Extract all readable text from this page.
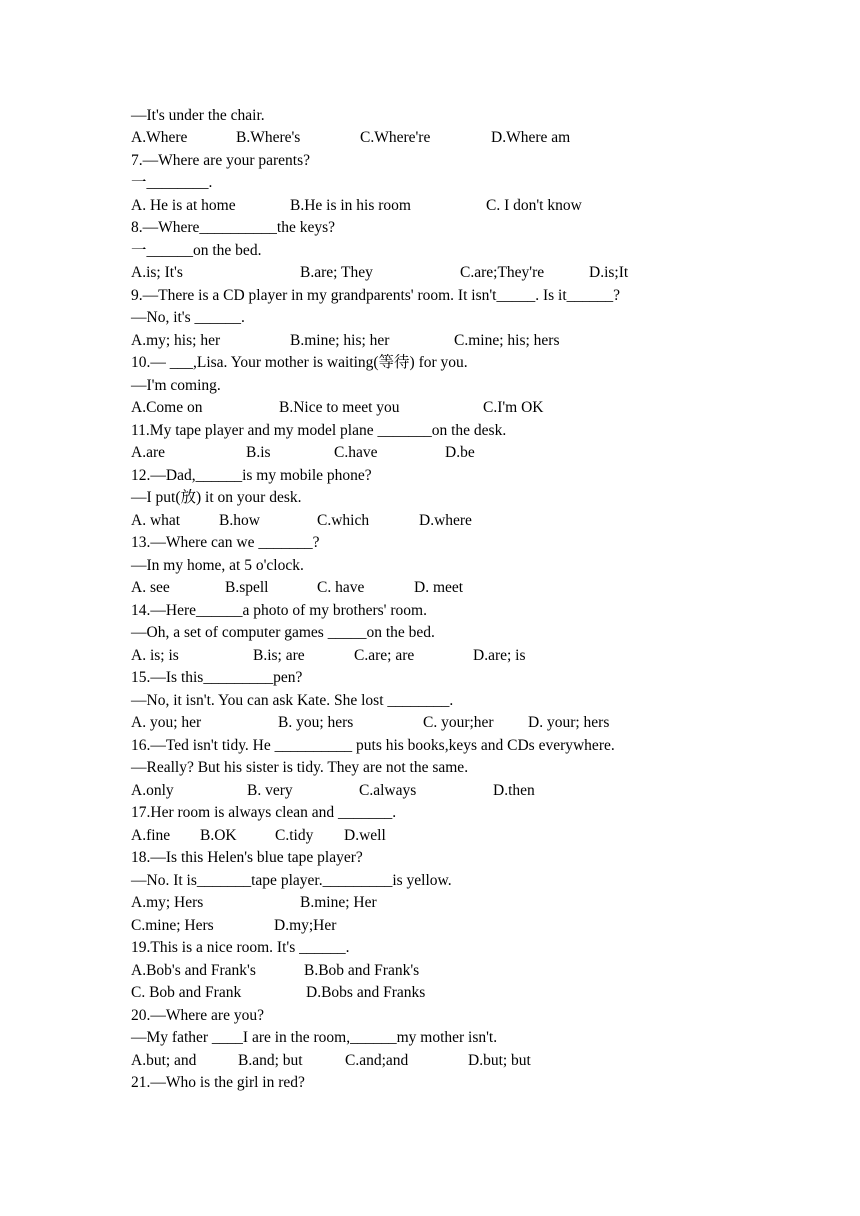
—It's under the chair.
A.Where	B.Where's	C.Where're	D.Where am
7.—Where are your parents?
一________.
A. He is at home	B.He is in his room	C. I don't know
8.—Where__________the keys?
一______on the bed.
A.is; It's	B.are; They	C.are;They're	D.is;It
9.—There is a CD player in my grandparents' room. It isn't_____. Is it______?
—No, it's ______.
A.my; his; her	B.mine; his; her	C.mine; his; hers
10.— ___,Lisa. Your mother is waiting(等待) for you.
—I'm coming.
A.Come on	B.Nice to meet you	C.I'm OK
11.My tape player and my model plane _______on the desk.
A.are	B.is	C.have	D.be
12.—Dad,______is my mobile phone?
—I put(放) it on your desk.
A. what	B.how	C.which	D.where
13.—Where can we _______?
—In my home, at 5 o'clock.
A. see	B.spell	C. have	D. meet
14.—Here______a photo of my brothers' room.
—Oh, a set of computer games _____on the bed.
A. is; is	B.is; are	C.are; are	D.are; is
15.—Is this_________pen?
—No, it isn't. You can ask Kate. She lost ________.
A. you; her	B. you; hers	C. your;her D. your; hers
16.—Ted isn't tidy. He __________ puts his books,keys and CDs everywhere.
—Really? But his sister is tidy. They are not the same.
A.only	B. very	C.always	D.then
17.Her room is always clean and _______.
A.fine B.OK C.tidy D.well
18.—Is this Helen's blue tape player?
—No. It is_______tape player._________is yellow.
A.my; Hers	B.mine; Her
C.mine; Hers	D.my;Her
19.This is a nice room. It's ______.
A.Bob's and Frank's	B.Bob and Frank's
C. Bob and Frank	D.Bobs and Franks
20.—Where are you?
—My father ____I are in the room,______my mother isn't.
A.but; and	B.and; but	C.and;and	D.but; but
21.—Who is the girl in red?
